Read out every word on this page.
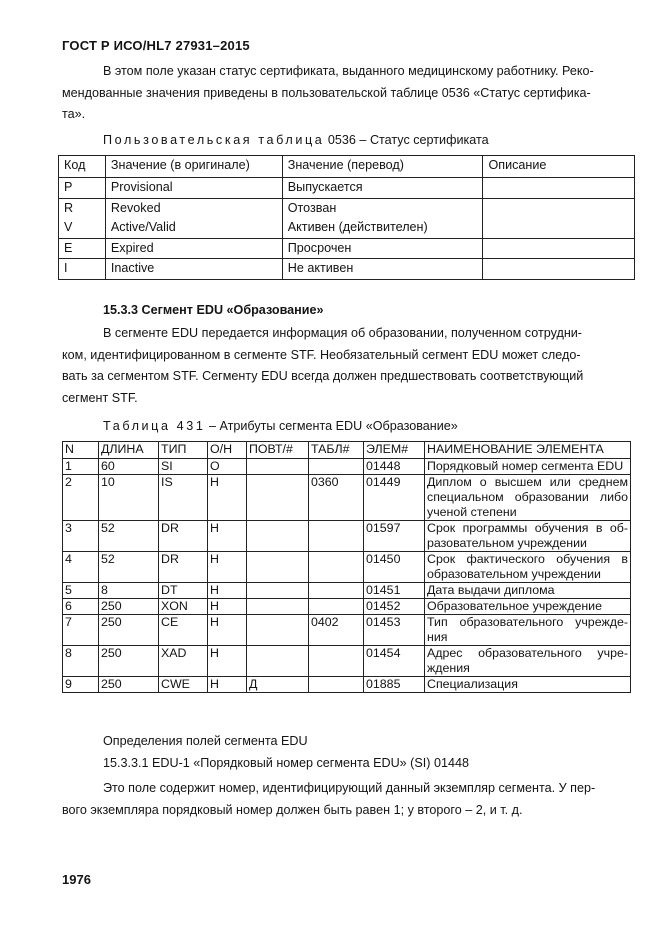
ГОСТ Р ИСО/HL7 27931–2015
В этом поле указан статус сертификата, выданного медицинскому работнику. Реко-
мендованные значения приведены в пользовательской таблице 0536 «Статус сертифика-
та».
Пользовательская таблица 0536 – Статус сертификата
Код	Значение (в оригинале)	Значение (перевод)	Описание
P	Provisional	Выпускается	
R	Revoked	Отозван	
V	Active/Valid	Активен (действителен)	
E	Expired	Просрочен	
I	Inactive	Не активен	
15.3.3 Сегмент EDU «Образование»
В сегменте EDU передается информация об образовании, полученном сотрудни-
ком, идентифицированном в сегменте STF. Необязательный сегмент EDU может следо-
вать за сегментом STF. Сегменту EDU всегда должен предшествовать соответствующий
сегмент STF.
Таблица 431 – Атрибуты сегмента EDU «Образование»
N	ДЛИНА	ТИП	О/Н	ПОВТ/#	ТАБЛ#	ЭЛЕМ#	НАИМЕНОВАНИЕ ЭЛЕМЕНТА
1	60	SI	O			01448	Порядковый номер сегмента EDU
2	10	IS	Н		0360	01449	Диплом о высшем или среднем специальном образовании либо ученой степени
3	52	DR	Н			01597	Срок программы обучения в об-разовательном учреждении
4	52	DR	Н			01450	Срок фактического обучения в образовательном учреждении
5	8	DT	Н			01451	Дата выдачи диплома
6	250	XON	Н			01452	Образовательное учреждение
7	250	CE	Н		0402	01453	Тип образовательного учрежде-ния
8	250	XAD	Н			01454	Адрес образовательного учре-ждения
9	250	CWE	Н	Д		01885	Специализация
Определения полей сегмента EDU
15.3.3.1 EDU-1 «Порядковый номер сегмента EDU» (SI) 01448
Это поле содержит номер, идентифицирующий данный экземпляр сегмента. У пер-
вого экземпляра порядковый номер должен быть равен 1; у второго – 2, и т. д.
1976
